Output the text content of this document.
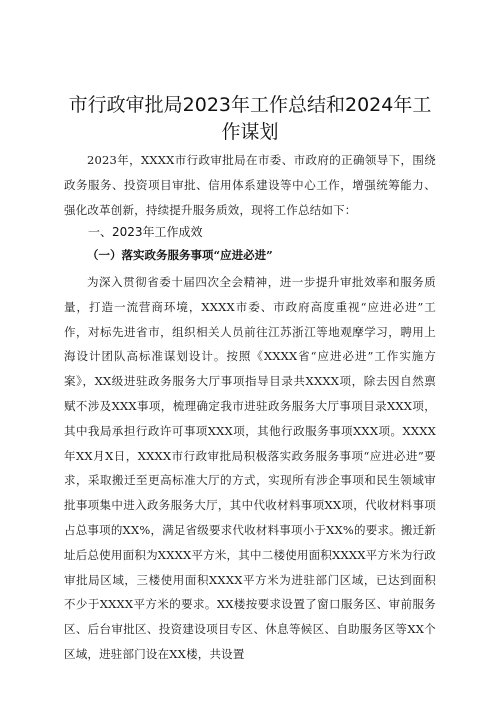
市行政审批局2023年工作总结和2024年工作谋划

2023年，XXXX市行政审批局在市委、市政府的正确领导下，围绕政务服务、投资项目审批、信用体系建设等中心工作，增强统筹能力、强化改革创新，持续提升服务质效，现将工作总结如下：

一、2023年工作成效

（一）落实政务服务事项“应进必进”

为深入贯彻省委十届四次全会精神，进一步提升审批效率和服务质量，打造一流营商环境，XXXX市委、市政府高度重视“应进必进”工作，对标先进省市，组织相关人员前往江苏浙江等地观摩学习，聘用上海设计团队高标准谋划设计。按照《XXXX省“应进必进”工作实施方案》，XX级进驻政务服务大厅事项指导目录共XXXX项，除去因自然禀赋不涉及XXX事项，梳理确定我市进驻政务服务大厅事项目录XXX项，其中我局承担行政许可事项XXX项，其他行政服务事项XXX项。XXXX年XX月X日，XXXX市行政审批局积极落实政务服务事项“应进必进”要求，采取搬迁至更高标准大厅的方式，实现所有涉企事项和民生领域审批事项集中进入政务服务大厅，其中代收材料事项XX项，代收材料事项占总事项的XX%，满足省级要求代收材料事项小于XX%的要求。搬迁新址后总使用面积为XXXX平方米，其中二楼使用面积XXXX平方米为行政审批局区域，三楼使用面积XXXX平方米为进驻部门区域，已达到面积不少于XXXX平方米的要求。XX楼按要求设置了窗口服务区、审前服务区、后台审批区、投资建设项目专区、休息等候区、自助服务区等XX个区域，进驻部门设在XX楼，共设置
